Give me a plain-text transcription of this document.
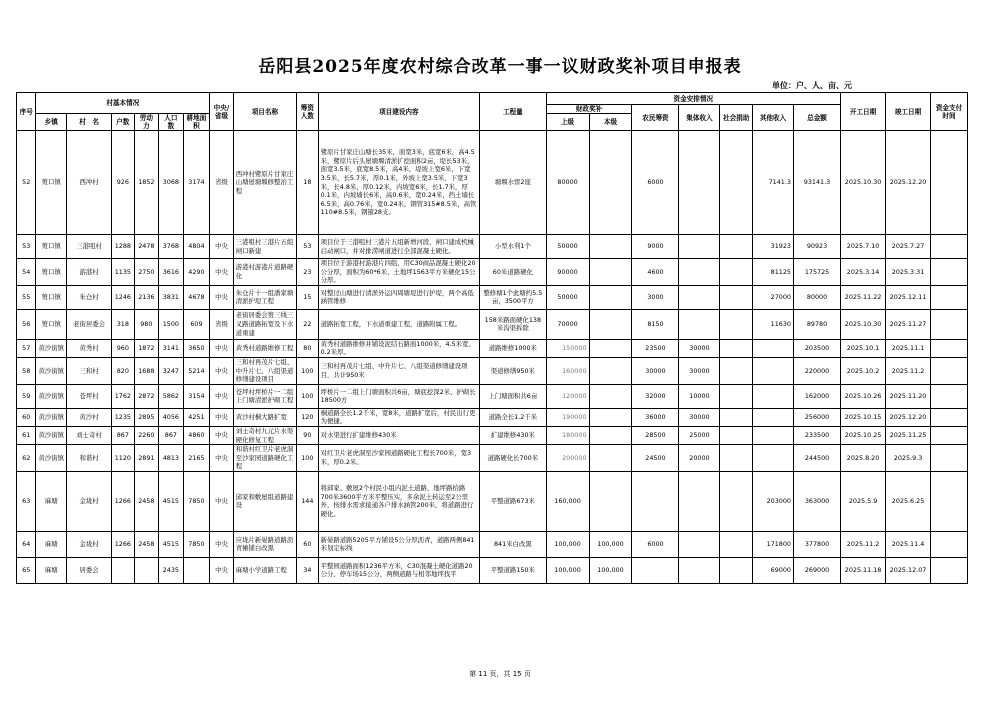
岳阳县2025年度农村综合改革一事一议财政奖补项目申报表
单位：户、人、亩、元
序号	村基本情况						中央/省级	项目名称	筹资人数	项目建设内容	工程量	资金安排情况							开工日期	竣工日期	资金支付时间
												财政奖补		农民筹资	集体收入	社会捐助	其他收入	总金额			
	乡镇	村　名	户数	劳动力	人口数	耕地面积						上级	本级								
52	篑口镇	西冲村	926	1852	3068	3174	省级	西冲村鹭原片甘家庄山塘屋塘堰修整治工程	18	鹭原片甘家庄山塘长35米，面宽3米，底宽6米，高4.5米，鹭原片后头屋塘堰清淤扩挖面积2亩，堤长53米，面宽3.5米，底宽8.5米，高4米，堤坡上宽6米，下宽3.5米，长5.7米，厚0.1米，外坡上宽3.5米，下宽3米，长4.8米，厚0.12米，内坡宽6米，长1.7米，厚0.1米，内坡墙长6米，高0.6米，宽0.24米，挡土墙长6.5米，高0.76米，宽0.24米，钢管315#8.5米，高管110#8.5米，钢箍28支。	塘堰水窖2座	80000		6000			7141.3	93141.3	2025.10.30	2025.12.20	
53	篑口镇	三港咀村	1288	2478	3768	4804	中央	三港咀村三港片五组闸口新建	53	项目位于三港咀村三港片五组新增河段，闸口建成机械启动闸口，并对排涝闸道进行全部混凝土硬化。	小型水利1个	50000		9000			31923	90923	2025.7.10	2025.7.27	
54	篑口镇	游港村	1135	2750	3616	4290	中央	游港村游港片道路硬化	23	项目位于游港村游港片四组，用C30商品混凝土硬化20公分厚，面积为60*6米、土地坪1563平方米硬化15公分厚。	60米道路硬化	90000		4600			81125	175725	2025.3.14	2025.3.31	
55	篑口镇	朱仓村	1246	2136	3831	4678	中央	朱仓片十一组潘家塘清淤护堤工程	15	对整过山塘进行清淤外运四周塘堤进行护堤，两个高低涵管维修	整修塘1个此塘约5.5亩，3500平方	50000		3000			27000	80000	2025.11.22	2025.12.11	
56	篑口镇	老街居委会	318	980	1500	609	省级	老街居委会篑三线三叉路道路拓宽及下水道重建	22	道路拓宽工程，下水道重建工程，道路附属工程。	158米路面硬化138米沟渠拆除	70000		8150			11630	89780	2025.10.30	2025.11.27	
57	黄沙街镇	黄秀村	960	1872	3141	3650	中央	黄秀村道路维修工程	80	黄秀村道路维修并铺设泥结石路面1000米，4.5米宽、0.2米厚。	道路维修1000米	150000		23500	30000			203500	2025.10.1	2025.11.1	
58	黄沙街镇	三和村	820	1688	3247	5214	中央	三和村再茂片七组、中升片七、八组渠道修缮建设项目	100	三和村再茂片七组、中升片七、八组渠道修缮建设项目，共计950米	渠道修缮950米	160000		30000	30000			220000	2025.10.2	2025.11.2	
59	黄沙街镇	苍坪村	1762	2872	5862	3154	中央	苍坪村坪桥片一二组上门塘清淤护砌工程	100	坪桥片一二组上门塘面积共6亩，塘底挖深2米、护砌长18500方	上门塘面积共6亩	120000		32000	10000			162000	2025.10.26	2025.11.20	
60	黄沙街镇	黄沙村	1235	2895	4056	4251	中央	黄沙村桐大路扩宽	120	桐道路全长1.2千米，宽8米，道路扩宽后，村民出行更为便捷。	道路全长1.2千米	190000		36000	30000			256000	2025.10.15	2025.12.20	
61	黄沙街镇	刘士奇村	867	2260	867	4860	中央	刘士奇村九元片水渠硬化修复工程	90	对水渠进行扩建维修430米	扩建维修430米	180000		28500	25000			233500	2025.10.25	2025.11.25	
62	黄沙街镇	和谐村	1120	2891	4813	2165	中央	和谐村红卫片老虎洞至沙家园道路硬化工程	100	对红卫片老虎洞至沙家园道路硬化工程长700米，宽3米，厚0.2米。	道路硬化长700米	200000		24500	20000			244500	2025.8.20	2025.9.3	
63	麻塘	金垅村	1266	2458	4515	7850	中央	邱家和敷屋组道路建设	144	将邱家、敷屋2个村民小组内泥土道路、地坪路拾路700米3600平方米平整压实，多余泥土转运至2公里外，按排水需求接通各户排水涵管200米，将道路进行硬化。	平整道路673米	160,000					203000	363000	2025.5.9	2025.6.25	
64	麻塘	金垅村	1266	2458	4515	7850	中央	应垅片新晏路道路沥青摊铺白改黑	60	新晏路道路5205平方铺设5公分厚沥青，道路两侧841米划定标线	841米白改黑	100,000	100,000	6000			171800	377800	2025.11.2	2025.11.4	
65	麻塘	居委会			2435		中央	麻塘小学道路工程	34	平整园道路面积1236平方米，C30混凝土硬化道路20公分，停车场15公分，两侧道路与相邻地坪找平	平整道路150米	100,000	100,000				69000	269000	2025.11.18	2025.12.07	
第 11 页，共 15 页
